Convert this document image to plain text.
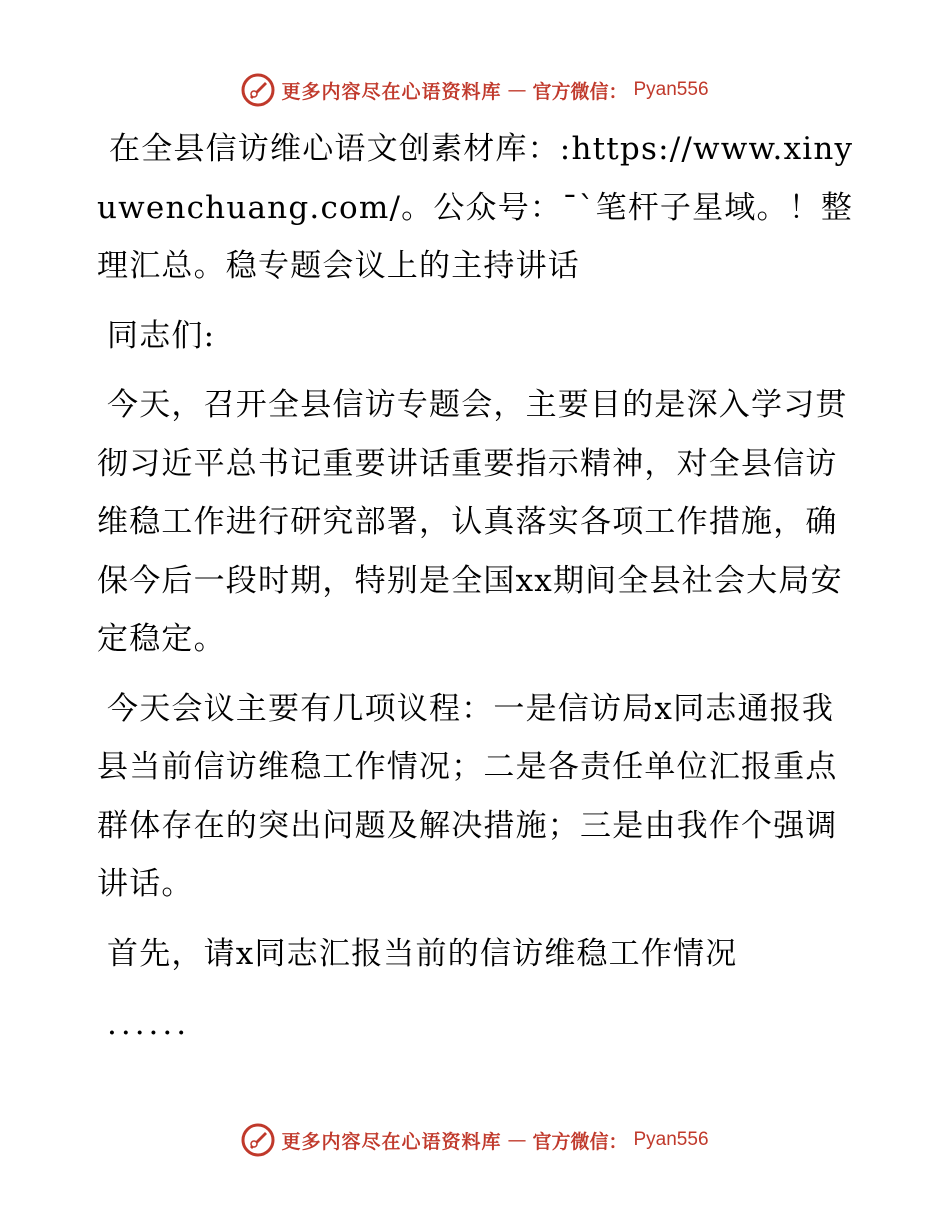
更多内容尽在心语资料库 — 官方微信： Pyan556

在全县信访维心语文创素材库：:https://www.xinyuwenchuang.com/。公众号：¯`笔杆子星域。！整理汇总。稳专题会议上的主持讲话

同志们:

今天，召开全县信访专题会，主要目的是深入学习贯彻习近平总书记重要讲话重要指示精神，对全县信访维稳工作进行研究部署，认真落实各项工作措施，确保今后一段时期，特别是全国xx期间全县社会大局安定稳定。

今天会议主要有几项议程：一是信访局x同志通报我县当前信访维稳工作情况；二是各责任单位汇报重点群体存在的突出问题及解决措施；三是由我作个强调讲话。

首先，请x同志汇报当前的信访维稳工作情况

......
更多内容尽在心语资料库 — 官方微信： Pyan556
